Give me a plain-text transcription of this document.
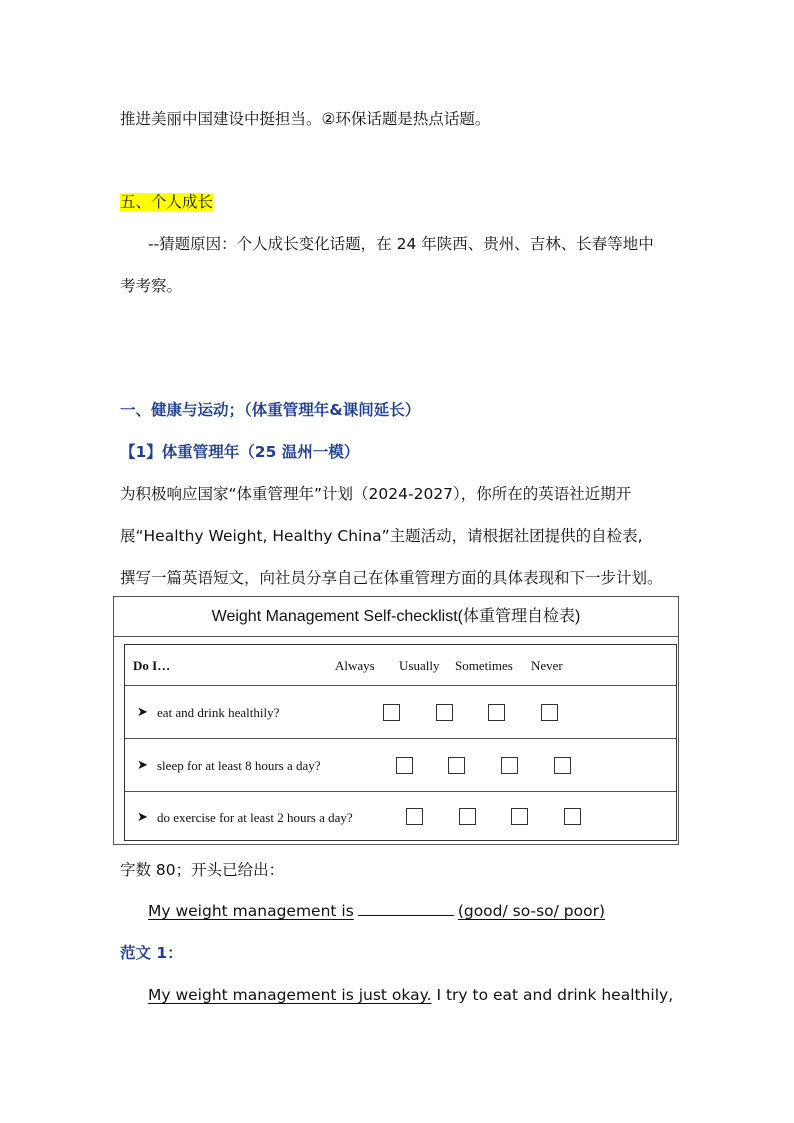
推进美丽中国建设中挺担当。②环保话题是热点话题。
五、个人成长
--猜题原因：个人成长变化话题，在 24 年陕西、贵州、吉林、长春等地中
考考察。
一、健康与运动；（体重管理年&课间延长）
【1】体重管理年（25 温州一模）
为积极响应国家“体重管理年”计划（2024-2027），你所在的英语社近期开
展“Healthy Weight, Healthy China”主题活动，请根据社团提供的自检表,
撰写一篇英语短文，向社员分享自己在体重管理方面的具体表现和下一步计划。
Weight Management Self-checklist(体重管理自检表)
Do I…	Always Usually Sometimes Never
➤ eat and drink healthily?
➤ sleep for at least 8 hours a day?
➤ do exercise for at least 2 hours a day?
字数 80；开头已给出：
My weight management is	(good/ so-so/ poor)
范文 1：
My weight management is just okay. I try to eat and drink healthily,
